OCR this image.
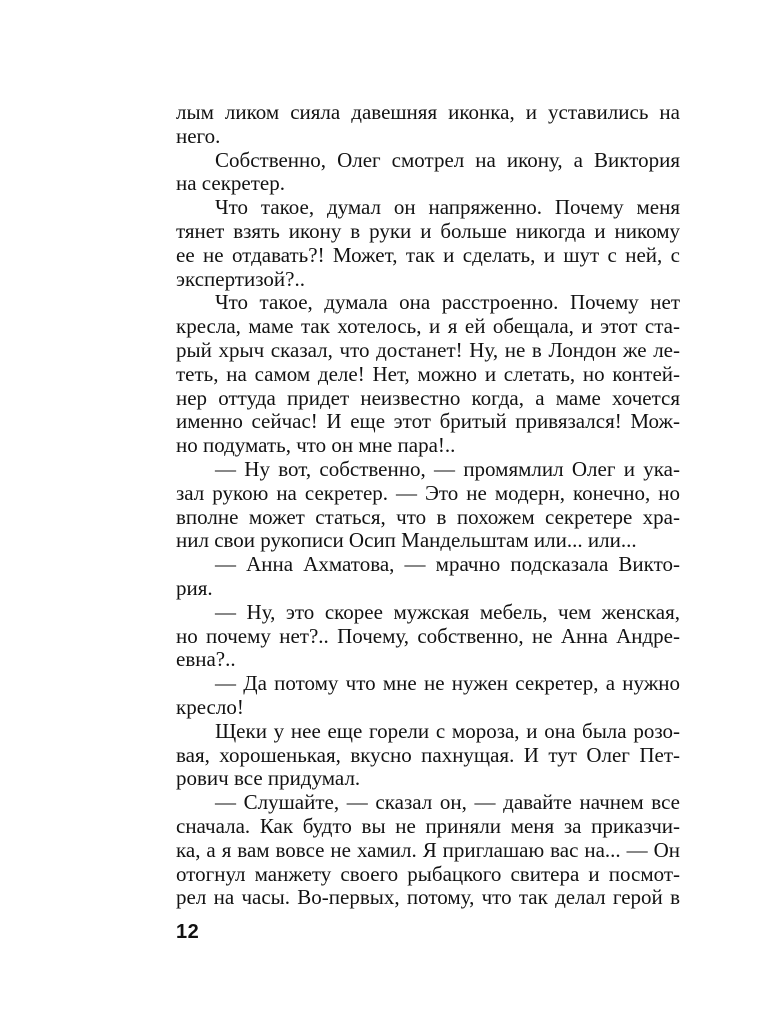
лым ликом сияла давешняя иконка, и уставились на
него.
Собственно, Олег смотрел на икону, а Виктория
на секретер.
Что такое, думал он напряженно. Почему меня
тянет взять икону в руки и больше никогда и никому
ее не отдавать?! Может, так и сделать, и шут с ней, с
экспертизой?..
Что такое, думала она расстроенно. Почему нет
кресла, маме так хотелось, и я ей обещала, и этот ста-
рый хрыч сказал, что достанет! Ну, не в Лондон же ле-
теть, на самом деле! Нет, можно и слетать, но контей-
нер оттуда придет неизвестно когда, а маме хочется
именно сейчас! И еще этот бритый привязался! Мож-
но подумать, что он мне пара!..
— Ну вот, собственно, — промямлил Олег и ука-
зал рукою на секретер. — Это не модерн, конечно, но
вполне может статься, что в похожем секретере хра-
нил свои рукописи Осип Мандельштам или... или...
— Анна Ахматова, — мрачно подсказала Викто-
рия.
— Ну, это скорее мужская мебель, чем женская,
но почему нет?.. Почему, собственно, не Анна Андре-
евна?..
— Да потому что мне не нужен секретер, а нужно
кресло!
Щеки у нее еще горели с мороза, и она была розо-
вая, хорошенькая, вкусно пахнущая. И тут Олег Пет-
рович все придумал.
— Слушайте, — сказал он, — давайте начнем все
сначала. Как будто вы не приняли меня за приказчи-
ка, а я вам вовсе не хамил. Я приглашаю вас на... — Он
отогнул манжету своего рыбацкого свитера и посмот-
рел на часы. Во-первых, потому, что так делал герой в
12
